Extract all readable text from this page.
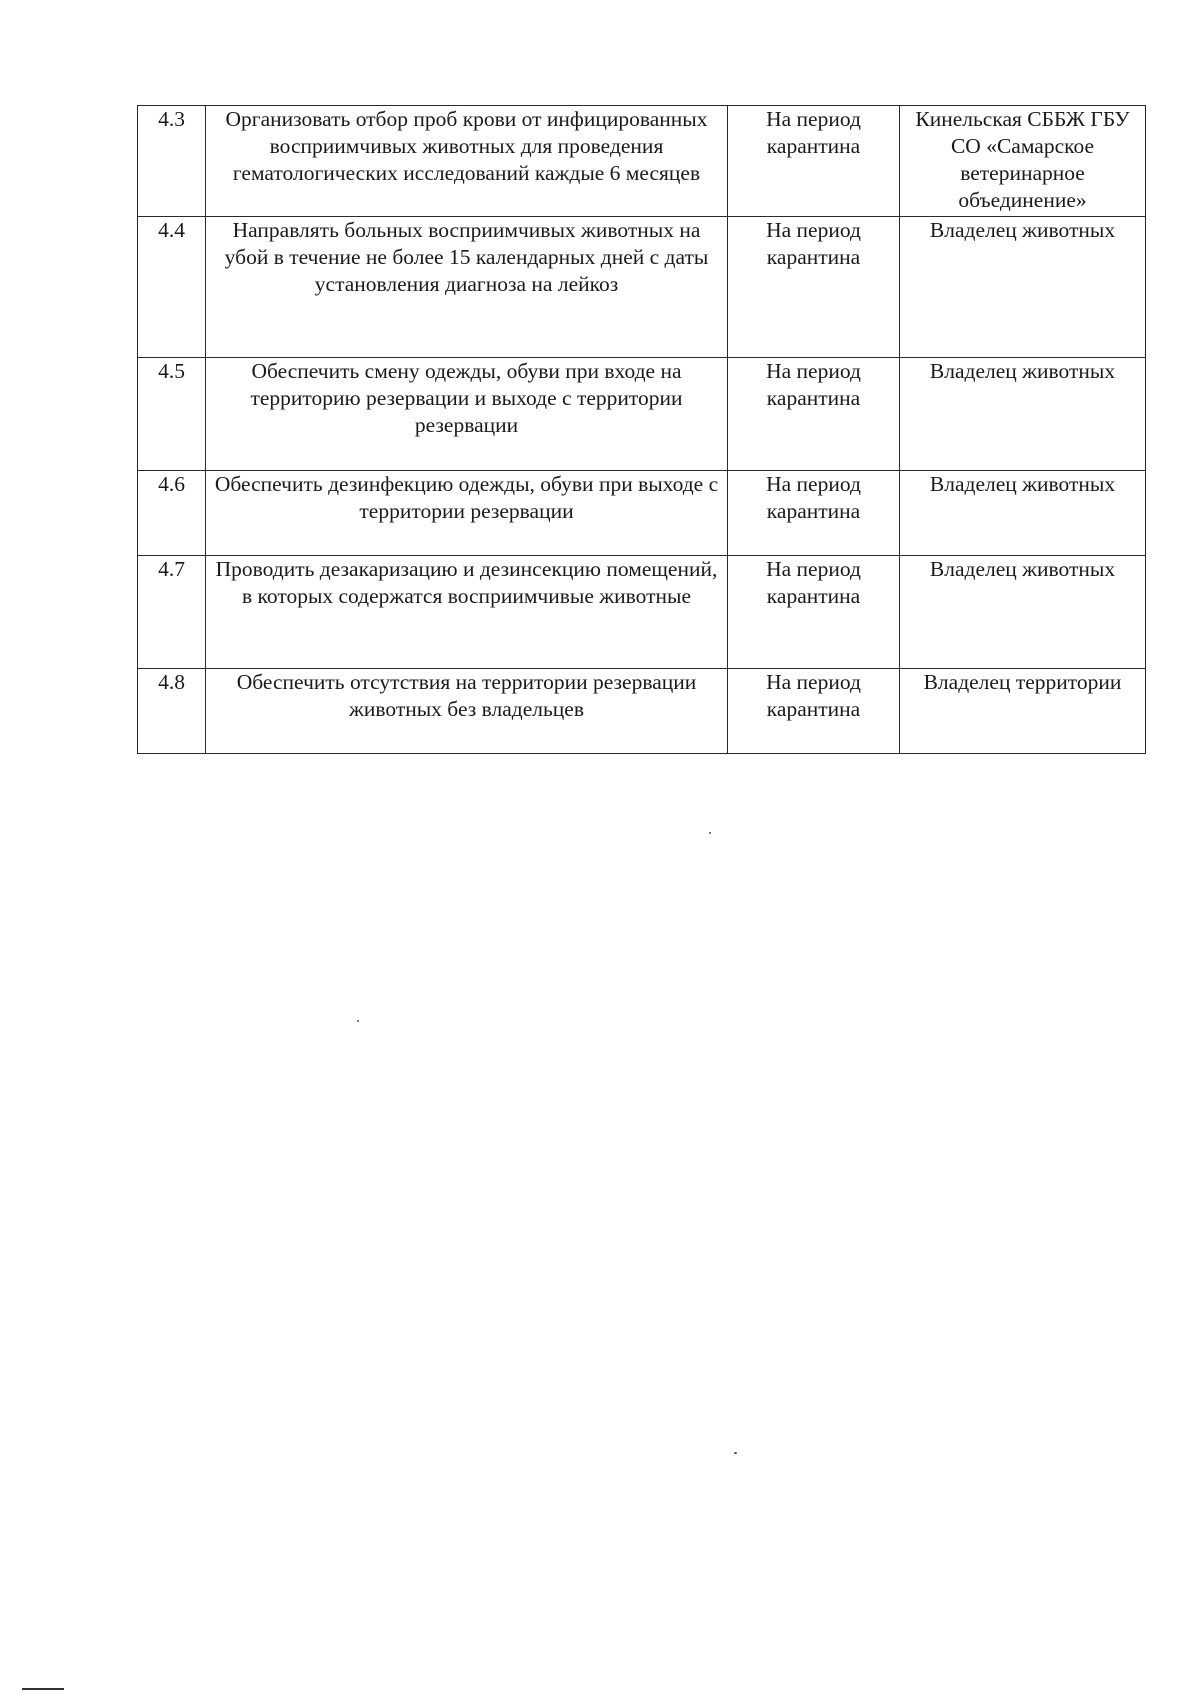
4.3	Организовать отбор проб крови от инфицированных восприимчивых животных для проведения гематологических исследований каждые 6 месяцев	На период карантина	Кинельская СББЖ ГБУ СО «Самарское ветеринарное объединение»
4.4	Направлять больных восприимчивых животных на убой в течение не более 15 календарных дней с даты установления диагноза на лейкоз	На период карантина	Владелец животных
4.5	Обеспечить смену одежды, обуви при входе на территорию резервации и выходе с территории резервации	На период карантина	Владелец животных
4.6	Обеспечить дезинфекцию одежды, обуви при выходе с территории резервации	На период карантина	Владелец животных
4.7	Проводить дезакаризацию и дезинсекцию помещений, в которых содержатся восприимчивые животные	На период карантина	Владелец животных
4.8	Обеспечить отсутствия на территории резервации животных без владельцев	На период карантина	Владелец территории
